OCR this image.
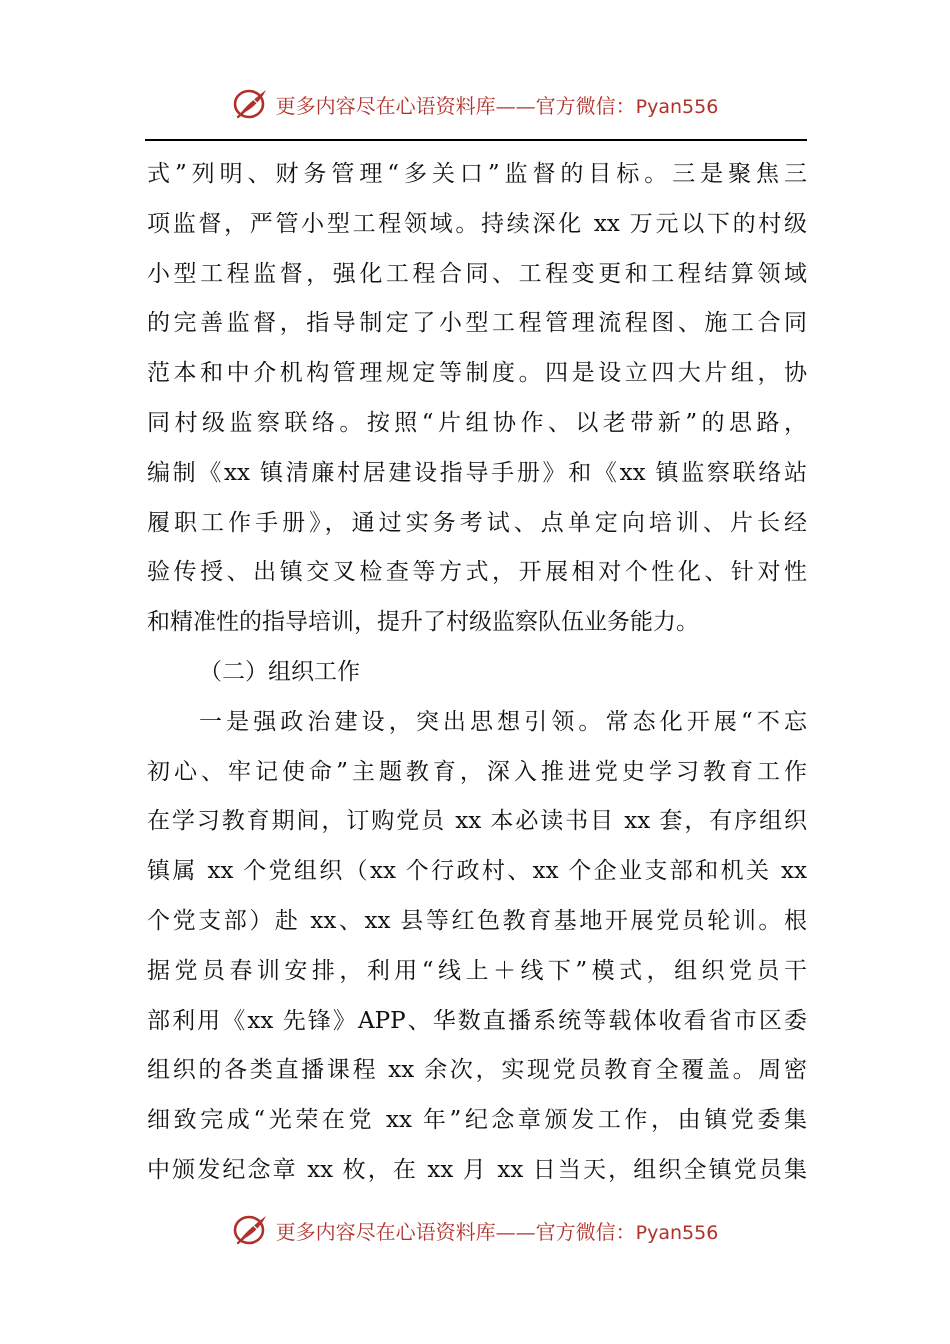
更多内容尽在心语资料库——官方微信：Pyan556
式”列明、财务管理“多关口”监督的目标。三是聚焦三
项监督，严管小型工程领域。持续深化 xx 万元以下的村级
小型工程监督，强化工程合同、工程变更和工程结算领域
的完善监督，指导制定了小型工程管理流程图、施工合同
范本和中介机构管理规定等制度。四是设立四大片组，协
同村级监察联络。按照“片组协作、以老带新”的思路，
编制《xx 镇清廉村居建设指导手册》和《xx 镇监察联络站
履职工作手册》，通过实务考试、点单定向培训、片长经
验传授、出镇交叉检查等方式，开展相对个性化、针对性
和精准性的指导培训，提升了村级监察队伍业务能力。
（二）组织工作
一是强政治建设，突出思想引领。常态化开展“不忘
初心、牢记使命”主题教育，深入推进党史学习教育工作
在学习教育期间，订购党员 xx 本必读书目 xx 套，有序组织
镇属 xx 个党组织（xx 个行政村、xx 个企业支部和机关 xx
个党支部）赴 xx、xx 县等红色教育基地开展党员轮训。根
据党员春训安排，利用“线上＋线下”模式，组织党员干
部利用《xx 先锋》APP、华数直播系统等载体收看省市区委
组织的各类直播课程 xx 余次，实现党员教育全覆盖。周密
细致完成“光荣在党 xx 年”纪念章颁发工作，由镇党委集
中颁发纪念章 xx 枚，在 xx 月 xx 日当天，组织全镇党员集
更多内容尽在心语资料库——官方微信：Pyan556
